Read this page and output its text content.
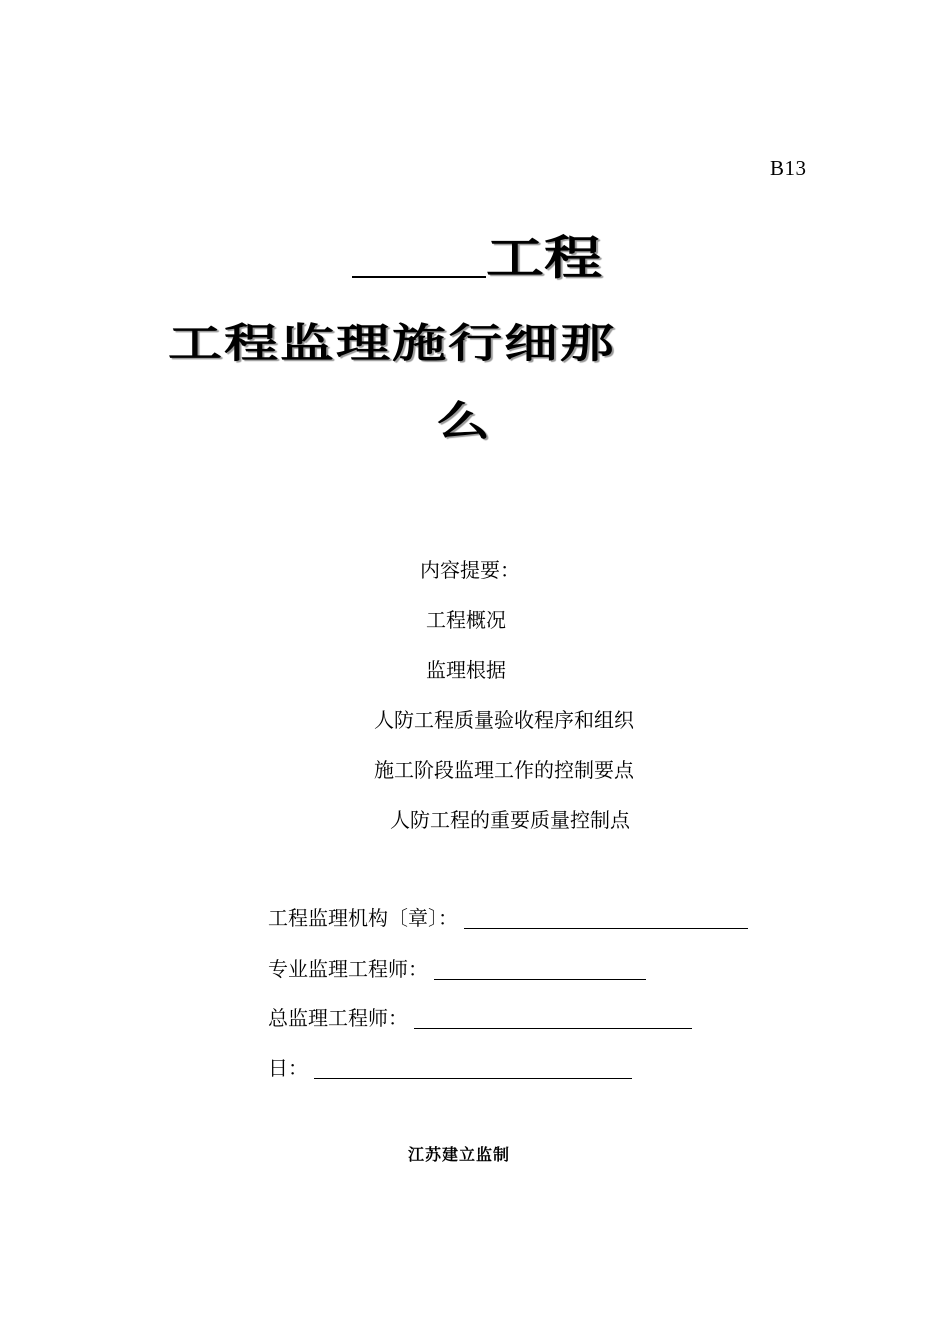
B13
工程
工程监理施行细那
么
内容提要：
工程概况
监理根据
人防工程质量验收程序和组织
施工阶段监理工作的控制要点
人防工程的重要质量控制点
工程监理机构〔章〕：
专业监理工程师：
总监理工程师：
日：
江苏建立监制
